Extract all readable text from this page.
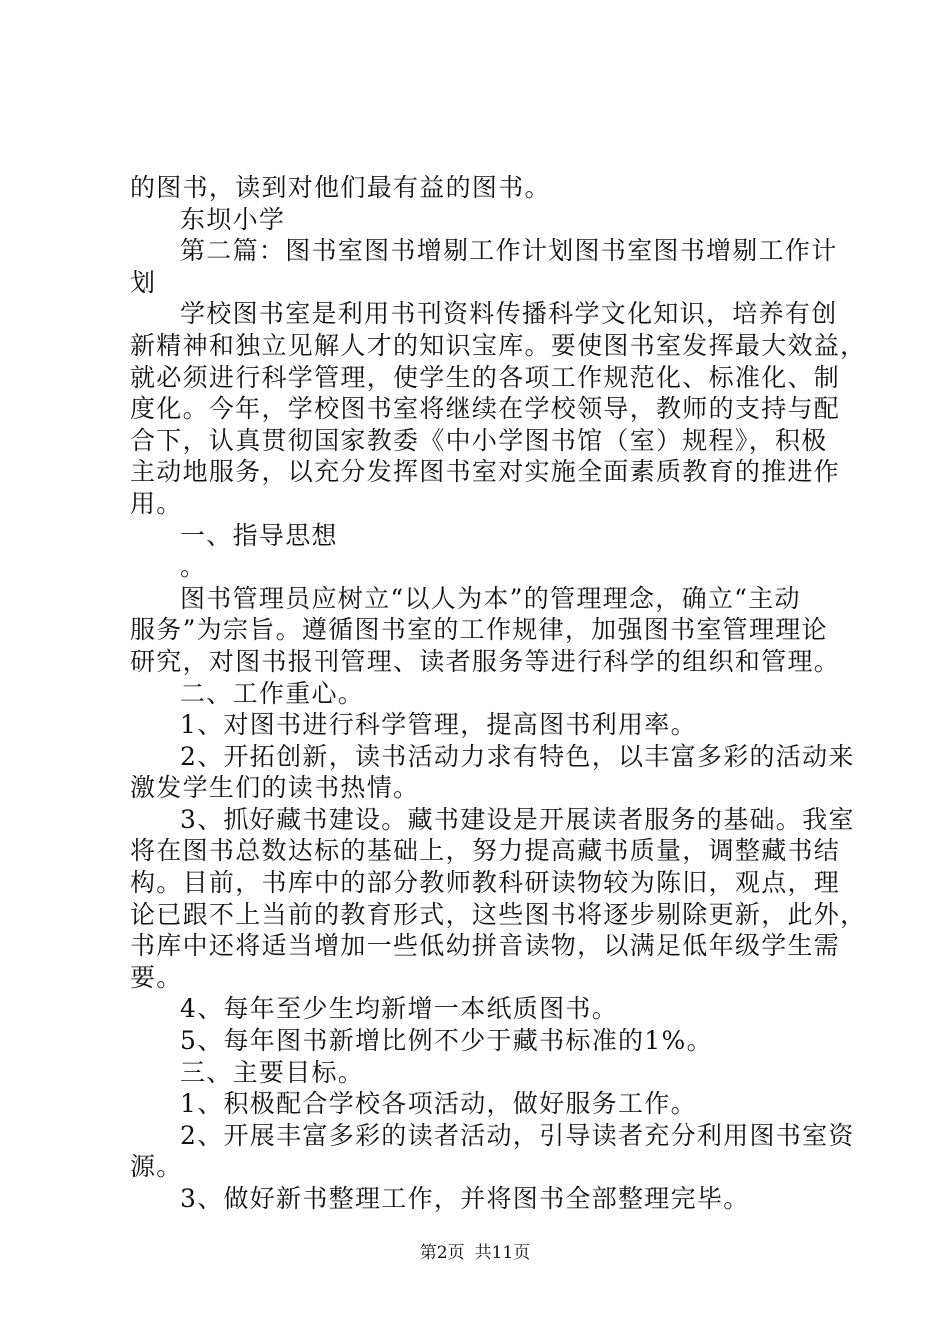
的图书，读到对他们最有益的图书。
东坝小学
第二篇：图书室图书增剔工作计划图书室图书增剔工作计
划
学校图书室是利用书刊资料传播科学文化知识，培养有创
新精神和独立见解人才的知识宝库。要使图书室发挥最大效益，
就必须进行科学管理，使学生的各项工作规范化、标准化、制
度化。今年，学校图书室将继续在学校领导，教师的支持与配
合下，认真贯彻国家教委《中小学图书馆（室）规程》，积极
主动地服务，以充分发挥图书室对实施全面素质教育的推进作
用。
一、指导思想
。
图书管理员应树立“以人为本”的管理理念，确立“主动
服务”为宗旨。遵循图书室的工作规律，加强图书室管理理论
研究，对图书报刊管理、读者服务等进行科学的组织和管理。
二、工作重心。
1、对图书进行科学管理，提高图书利用率。
2、开拓创新，读书活动力求有特色，以丰富多彩的活动来
激发学生们的读书热情。
3、抓好藏书建设。藏书建设是开展读者服务的基础。我室
将在图书总数达标的基础上，努力提高藏书质量，调整藏书结
构。目前，书库中的部分教师教科研读物较为陈旧，观点，理
论已跟不上当前的教育形式，这些图书将逐步剔除更新，此外，
书库中还将适当增加一些低幼拼音读物，以满足低年级学生需
要。
4、每年至少生均新增一本纸质图书。
5、每年图书新增比例不少于藏书标准的1%。
三、主要目标。
1、积极配合学校各项活动，做好服务工作。
2、开展丰富多彩的读者活动，引导读者充分利用图书室资
源。
3、做好新书整理工作，并将图书全部整理完毕。
第2页 共11页
